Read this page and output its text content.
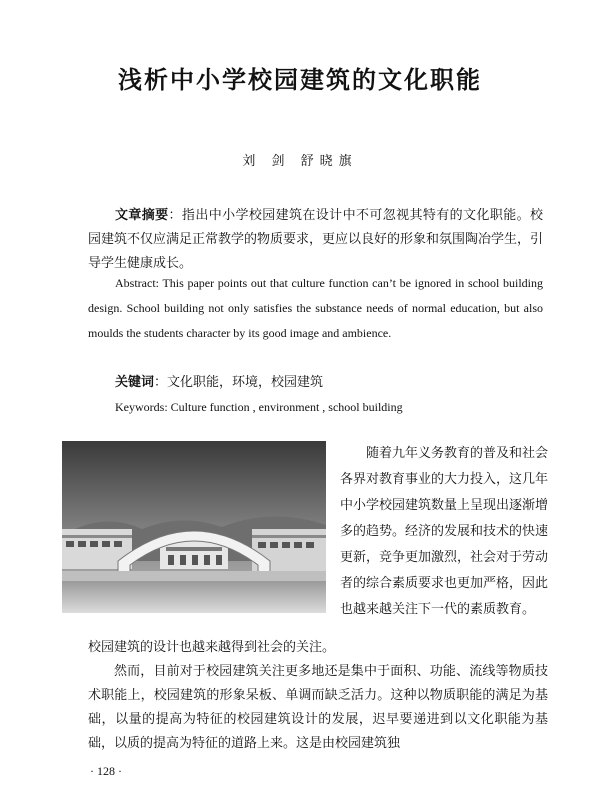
浅析中小学校园建筑的文化职能
刘 剑 舒晓旗
文章摘要：指出中小学校园建筑在设计中不可忽视其特有的文化职能。校园建筑不仅应满足正常教学的物质要求，更应以良好的形象和氛围陶冶学生，引导学生健康成长。
Abstract: This paper points out that culture function can’t be ignored in school building design. School building not only satisfies the substance needs of normal education, but also moulds the students character by its good image and ambience.
关键词：文化职能，环境，校园建筑
Keywords: Culture function , environment , school building
随着九年义务教育的普及和社会各界对教育事业的大力投入，这几年中小学校园建筑数量上呈现出逐渐增多的趋势。经济的发展和技术的快速更新，竞争更加激烈，社会对于劳动者的综合素质要求也更加严格，因此也越来越关注下一代的素质教育。
校园建筑的设计也越来越得到社会的关注。
然而，目前对于校园建筑关注更多地还是集中于面积、功能、流线等物质技术职能上，校园建筑的形象呆板、单调而缺乏活力。这种以物质职能的满足为基础，以量的提高为特征的校园建筑设计的发展，迟早要递进到以文化职能为基础，以质的提高为特征的道路上来。这是由校园建筑独
· 128 ·
